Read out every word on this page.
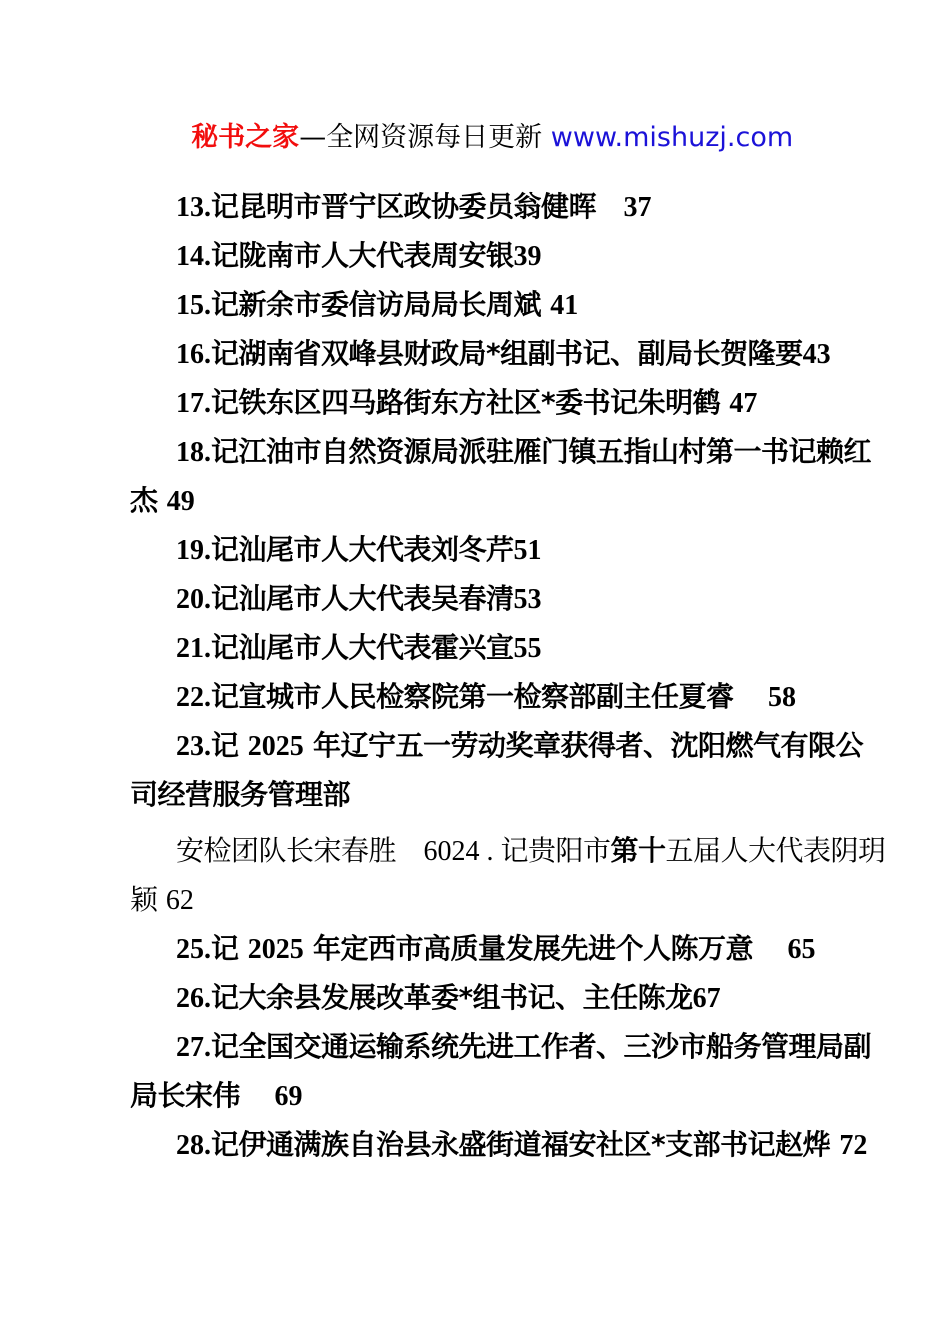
秘书之家—全网资源每日更新 www.mishuzj.com

13.记昆明市晋宁区政协委员翁健晖　37
14.记陇南市人大代表周安银39
15.记新余市委信访局局长周斌 41
16.记湖南省双峰县财政局*组副书记、副局长贺隆要43
17.记铁东区四马路街东方社区*委书记朱明鹤 47
18.记江油市自然资源局派驻雁门镇五指山村第一书记赖红
杰 49
19.记汕尾市人大代表刘冬芹51
20.记汕尾市人大代表吴春清53
21.记汕尾市人大代表霍兴宣55
22.记宣城市人民检察院第一检察部副主任夏睿　 58
23.记 2025 年辽宁五一劳动奖章获得者、沈阳燃气有限公
司经营服务管理部
安检团队长宋春胜　6024 . 记贵阳市第十五届人大代表阴玥
颖 62
25.记 2025 年定西市高质量发展先进个人陈万意　 65
26.记大余县发展改革委*组书记、主任陈龙67
27.记全国交通运输系统先进工作者、三沙市船务管理局副
局长宋伟　 69
28.记伊通满族自治县永盛街道福安社区*支部书记赵烨 72
